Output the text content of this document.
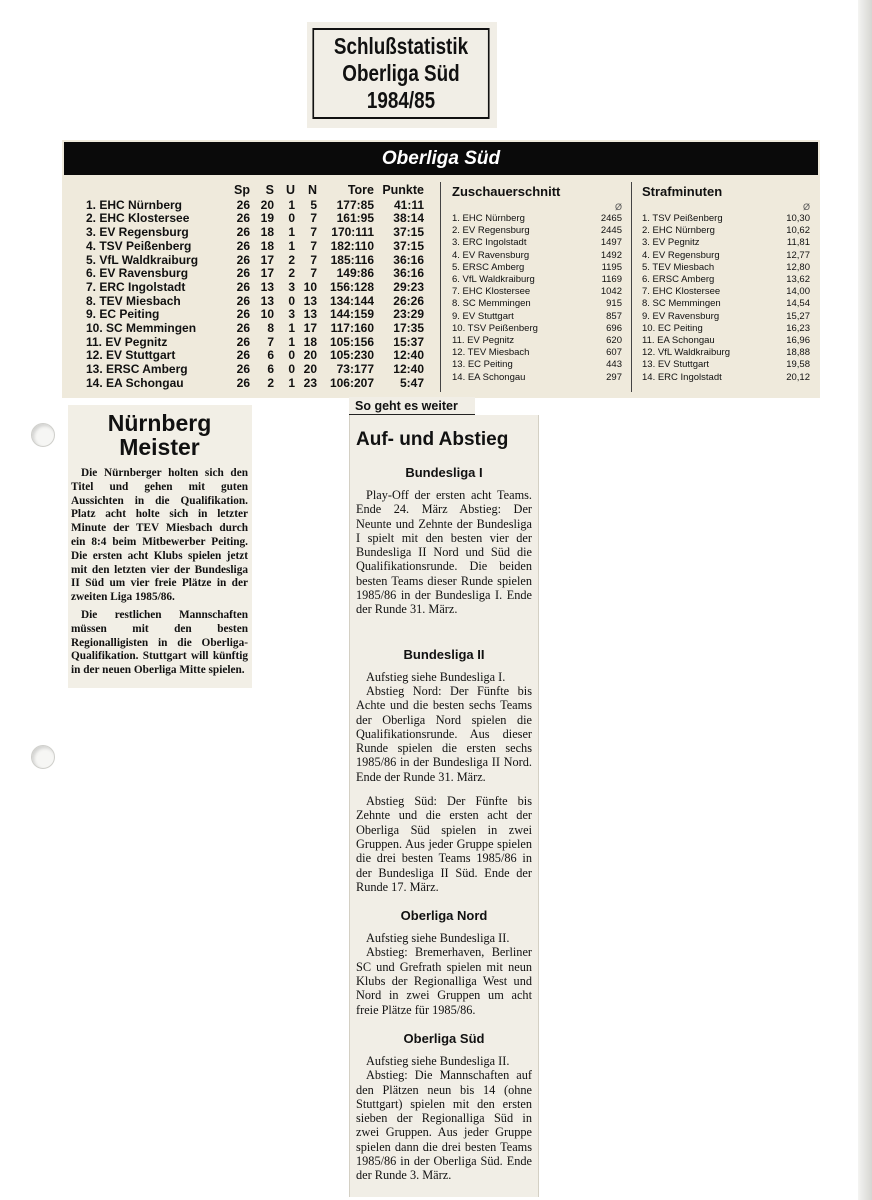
Schlußstatistik
Oberliga Süd
1984/85
Oberliga Süd
Sp	S U	N	Tore Punkte
1. EHC Nürnberg	26 20	1	5	177:85	41:11
2. EHC Klostersee	26 19	0	7	161:95	38:14
3. EV Regensburg	26 18	1	7	170:111	37:15
4. TSV Peißenberg	26 18	1	7	182:110	37:15
5. VfL Waldkraiburg	26 17	2	7	185:116	36:16
6. EV Ravensburg	26 17	2	7	149:86	36:16
7. ERC Ingolstadt	26 13	3 10	156:128	29:23
8. TEV Miesbach	26 13	0 13	134:144	26:26
9. EC Peiting	26 10	3 13	144:159	23:29
10. SC Memmingen	26	8	1 17	117:160	17:35
11. EV Pegnitz	26	7	1 18	105:156	15:37
12. EV Stuttgart	26	6	0 20	105:230	12:40
13. ERSC Amberg	26	6	0 20	73:177	12:40
14. EA Schongau	26	2	1 23	106:207	5:47
Zuschauerschnitt
Ø
1. EHC Nürnberg	2465
2. EV Regensburg	2445
3. ERC Ingolstadt	1497
4. EV Ravensburg	1492
5. ERSC Amberg	1195
6. VfL Waldkraiburg	1169
7. EHC Klostersee	1042
8. SC Memmingen	915
9. EV Stuttgart	857
10. TSV Peißenberg	696
11. EV Pegnitz	620
12. TEV Miesbach	607
13. EC Peiting	443
14. EA Schongau	297
Strafminuten
Ø
1. TSV Peißenberg	10,30
2. EHC Nürnberg	10,62
3. EV Pegnitz	11,81
4. EV Regensburg	12,77
5. TEV Miesbach	12,80
6. ERSC Amberg	13,62
7. EHC Klostersee	14,00
8. SC Memmingen	14,54
9. EV Ravensburg	15,27
10. EC Peiting	16,23
11. EA Schongau	16,96
12. VfL Waldkraiburg	18,88
13. EV Stuttgart	19,58
14. ERC Ingolstadt	20,12
Nürnberg
Meister

Die Nürnberger holten sich den Titel und gehen mit guten Aussichten in die Qualifikation. Platz acht holte sich in letzter Minute der TEV Miesbach durch ein 8:4 beim Mitbewerber Peiting. Die ersten acht Klubs spielen jetzt mit den letzten vier der Bundesliga II Süd um vier freie Plätze in der zweiten Liga 1985/86.

Die restlichen Mannschaften müssen mit den besten Regionalligisten in die Oberliga-Qualifikation. Stuttgart will künftig in der neuen Oberliga Mitte spielen.

So geht es weiter
Auf- und Abstieg
Bundesliga I

Play-Off der ersten acht Teams. Ende 24. März Abstieg: Der Neunte und Zehnte der Bundesliga I spielt mit den besten vier der Bundesliga II Nord und Süd die Qualifikationsrunde. Die beiden besten Teams dieser Runde spielen 1985/86 in der Bundesliga I. Ende der Runde 31. März.

Bundesliga II

Aufstieg siehe Bundesliga I.

Abstieg Nord: Der Fünfte bis Achte und die besten sechs Teams der Oberliga Nord spielen die Qualifikationsrunde. Aus dieser Runde spielen die ersten sechs 1985/86 in der Bundesliga II Nord. Ende der Runde 31. März.

Abstieg Süd: Der Fünfte bis Zehnte und die ersten acht der Oberliga Süd spielen in zwei Gruppen. Aus jeder Gruppe spielen die drei besten Teams 1985/86 in der Bundesliga II Süd. Ende der Runde 17. März.

Oberliga Nord

Aufstieg siehe Bundesliga II.

Abstieg: Bremerhaven, Berliner SC und Grefrath spielen mit neun Klubs der Regionalliga West und Nord in zwei Gruppen um acht freie Plätze für 1985/86.

Oberliga Süd

Aufstieg siehe Bundesliga II.

Abstieg: Die Mannschaften auf den Plätzen neun bis 14 (ohne Stuttgart) spielen mit den ersten sieben der Regionalliga Süd in zwei Gruppen. Aus jeder Gruppe spielen dann die drei besten Teams 1985/86 in der Oberliga Süd. Ende der Runde 3. März.
